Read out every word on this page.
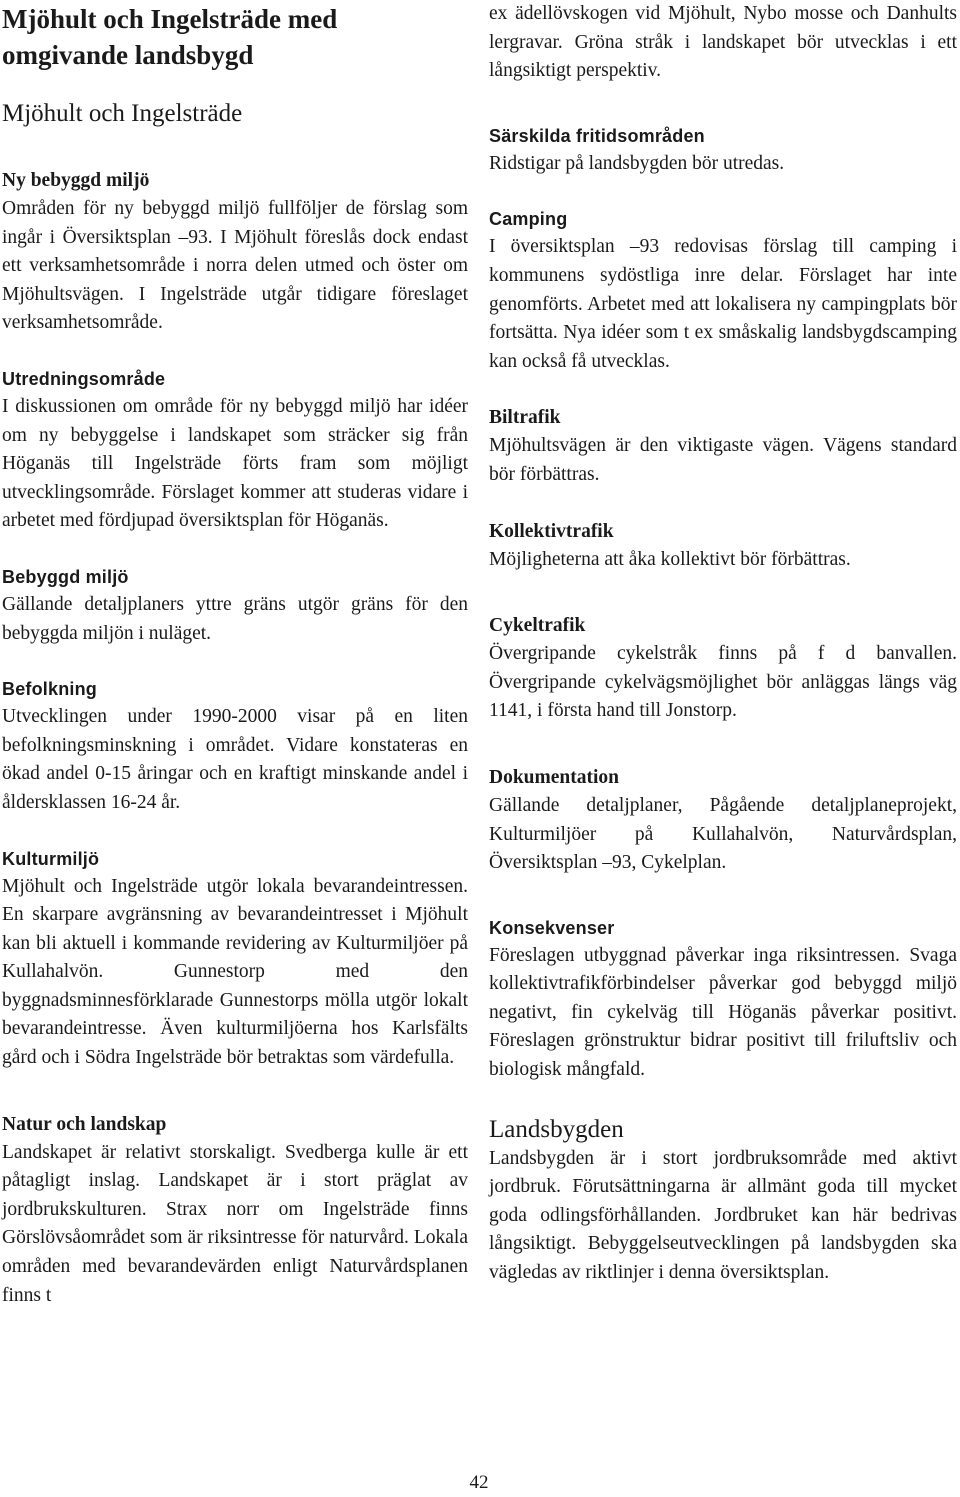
Mjöhult och Ingelsträde med
omgivande landsbygd
Mjöhult och Ingelsträde
Ny bebyggd miljö

Områden för ny bebyggd miljö fullföljer de förslag som ingår i Översiktsplan –93. I Mjöhult föreslås dock endast ett verksamhetsområde i norra delen utmed och öster om Mjöhultsvägen. I Ingelsträde utgår tidigare föreslaget verksamhetsområde.

Utredningsområde

I diskussionen om område för ny bebyggd miljö har idéer om ny bebyggelse i landskapet som sträcker sig från Höganäs till Ingelsträde förts fram som möjligt utvecklingsområde. Förslaget kommer att studeras vidare i arbetet med fördjupad översiktsplan för Höganäs.

Bebyggd miljö

Gällande detaljplaners yttre gräns utgör gräns för den bebyggda miljön i nuläget.

Befolkning

Utvecklingen under 1990-2000 visar på en liten befolkningsminskning i området. Vidare konstateras en ökad andel 0-15 åringar och en kraftigt minskande andel i åldersklassen 16-24 år.

Kulturmiljö

Mjöhult och Ingelsträde utgör lokala bevarandeintressen. En skarpare avgränsning av bevarandeintresset i Mjöhult kan bli aktuell i kommande revidering av Kulturmiljöer på Kullahalvön. Gunnestorp med den byggnadsminnesförklarade Gunnestorps mölla utgör lokalt bevarandeintresse. Även kulturmiljöerna hos Karlsfälts gård och i Södra Ingelsträde bör betraktas som värdefulla.

Natur och landskap

Landskapet är relativt storskaligt. Svedberga kulle är ett påtagligt inslag. Landskapet är i stort präglat av jordbrukskulturen. Strax norr om Ingelsträde finns Görslövsåområdet som är riksintresse för naturvård. Lokala områden med bevarandevärden enligt Naturvårdsplanen finns t

ex ädellövskogen vid Mjöhult, Nybo mosse och Danhults lergravar. Gröna stråk i landskapet bör utvecklas i ett långsiktigt perspektiv.

Särskilda fritidsområden

Ridstigar på landsbygden bör utredas.

Camping

I översiktsplan –93 redovisas förslag till camping i kommunens sydöstliga inre delar. Förslaget har inte genomförts. Arbetet med att lokalisera ny campingplats bör fortsätta. Nya idéer som t ex småskalig landsbygdscamping kan också få utvecklas.

Biltrafik

Mjöhultsvägen är den viktigaste vägen. Vägens standard bör förbättras.

Kollektivtrafik

Möjligheterna att åka kollektivt bör förbättras.

Cykeltrafik

Övergripande cykelstråk finns på f d banvallen. Övergripande cykelvägsmöjlighet bör anläggas längs väg 1141, i första hand till Jonstorp.

Dokumentation

Gällande detaljplaner, Pågående detaljplaneprojekt, Kulturmiljöer på Kullahalvön, Naturvårdsplan, Översiktsplan –93, Cykelplan.

Konsekvenser

Föreslagen utbyggnad påverkar inga riksintressen. Svaga kollektivtrafikförbindelser påverkar god bebyggd miljö negativt, fin cykelväg till Höganäs påverkar positivt. Föreslagen grönstruktur bidrar positivt till friluftsliv och biologisk mångfald.

Landsbygden

Landsbygden är i stort jordbruksområde med aktivt jordbruk. Förutsättningarna är allmänt goda till mycket goda odlingsförhållanden. Jordbruket kan här bedrivas långsiktigt. Bebyggelseutvecklingen på landsbygden ska vägledas av riktlinjer i denna översiktsplan.

42
